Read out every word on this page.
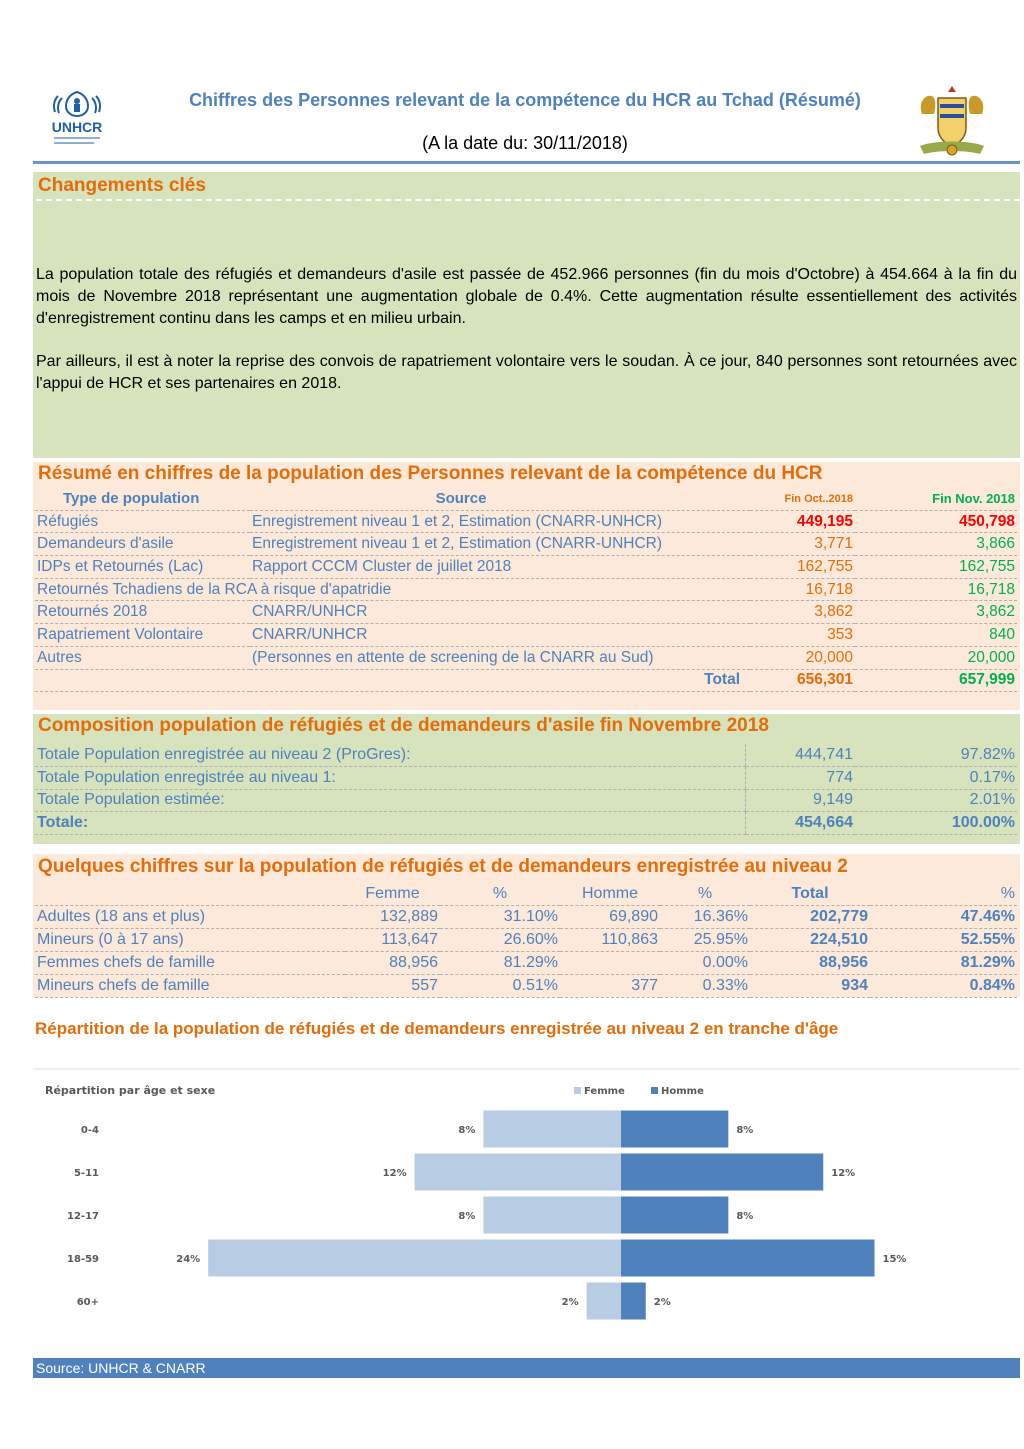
UNHCR
Chiffres des Personnes relevant de la compétence du HCR au Tchad (Résumé)
(A la date du: 30/11/2018)
Changements clés
La population totale des réfugiés et demandeurs d'asile est passée de 452.966 personnes (fin du mois d'Octobre) à 454.664 à la fin du mois de Novembre 2018 représentant une augmentation globale de 0.4%. Cette augmentation résulte essentiellement des activités d'enregistrement continu dans les camps et en milieu urbain.
Par ailleurs, il est à noter la reprise des convois de rapatriement volontaire vers le soudan. À ce jour, 840 personnes sont retournées avec l'appui de HCR et ses partenaires en 2018.
Résumé en chiffres de la population des Personnes relevant de la compétence du HCR
Type de population	Source	Fin Oct..2018	Fin Nov. 2018
Réfugiés	Enregistrement niveau 1 et 2, Estimation (CNARR-UNHCR)	449,195	450,798
Demandeurs d'asile	Enregistrement niveau 1 et 2, Estimation (CNARR-UNHCR)	3,771	3,866
IDPs et Retournés (Lac)	Rapport CCCM Cluster de juillet 2018	162,755	162,755
Retournés Tchadiens de la RCA à risque d'apatridie		16,718	16,718
Retournés 2018	CNARR/UNHCR	3,862	3,862
Rapatriement Volontaire	CNARR/UNHCR	353	840
Autres	(Personnes en attente de screening de la CNARR au Sud)	20,000	20,000
	Total	656,301	657,999
Composition population de réfugiés et de demandeurs d'asile fin Novembre 2018
Totale Population enregistrée au niveau 2 (ProGres):	444,741	97.82%
Totale Population enregistrée au niveau 1:	774	0.17%
Totale Population estimée:	9,149	2.01%
Totale:	454,664	100.00%
Quelques chiffres sur la population de réfugiés et de demandeurs enregistrée au niveau 2
	Femme	%	Homme	%	Total	%
Adultes (18 ans et plus)	132,889	31.10%	69,890	16.36%	202,779	47.46%
Mineurs (0 à 17 ans)	113,647	26.60%	110,863	25.95%	224,510	52.55%
Femmes chefs de famille	88,956	81.29%		0.00%	88,956	81.29%
Mineurs chefs de famille	557	0.51%	377	0.33%	934	0.84%
Répartition de la population de réfugiés et de demandeurs enregistrée au niveau 2 en tranche d'âge
Répartition par âge et sexe	Femme	Homme
0-4	8%	8%
5-11	12%	12%
12-17	8%	8%
18-59	24%	15%
60+	2%	2%
Source: UNHCR & CNARR
